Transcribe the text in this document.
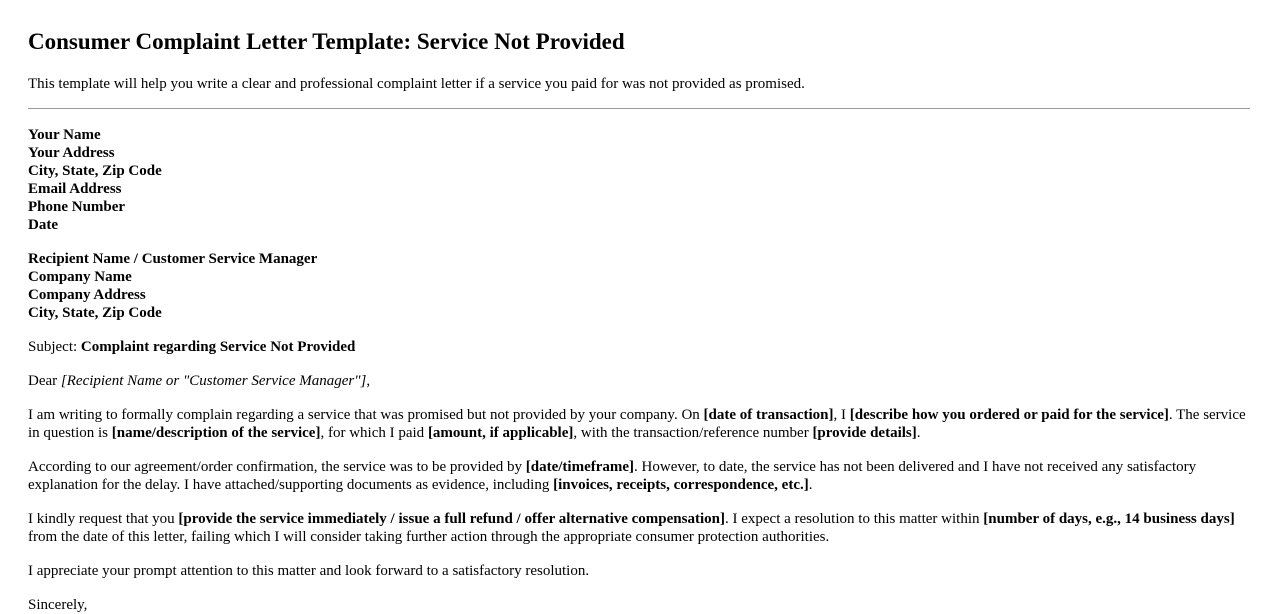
Consumer Complaint Letter Template: Service Not Provided

This template will help you write a clear and professional complaint letter if a service you paid for was not provided as promised.

Your Name
Your Address
City, State, Zip Code
Email Address
Phone Number
Date
Recipient Name / Customer Service Manager
Company Name
Company Address
City, State, Zip Code

Subject: Complaint regarding Service Not Provided

Dear [Recipient Name or "Customer Service Manager"],

I am writing to formally complain regarding a service that was promised but not provided by your company. On [date of transaction], I [describe how you ordered or paid for the service]. The service in question is [name/description of the service], for which I paid [amount, if applicable], with the transaction/reference number [provide details].

According to our agreement/order confirmation, the service was to be provided by [date/timeframe]. However, to date, the service has not been delivered and I have not received any satisfactory explanation for the delay. I have attached/supporting documents as evidence, including [invoices, receipts, correspondence, etc.].

I kindly request that you [provide the service immediately / issue a full refund / offer alternative compensation]. I expect a resolution to this matter within [number of days, e.g., 14 business days] from the date of this letter, failing which I will consider taking further action through the appropriate consumer protection authorities.

I appreciate your prompt attention to this matter and look forward to a satisfactory resolution.

Sincerely,
